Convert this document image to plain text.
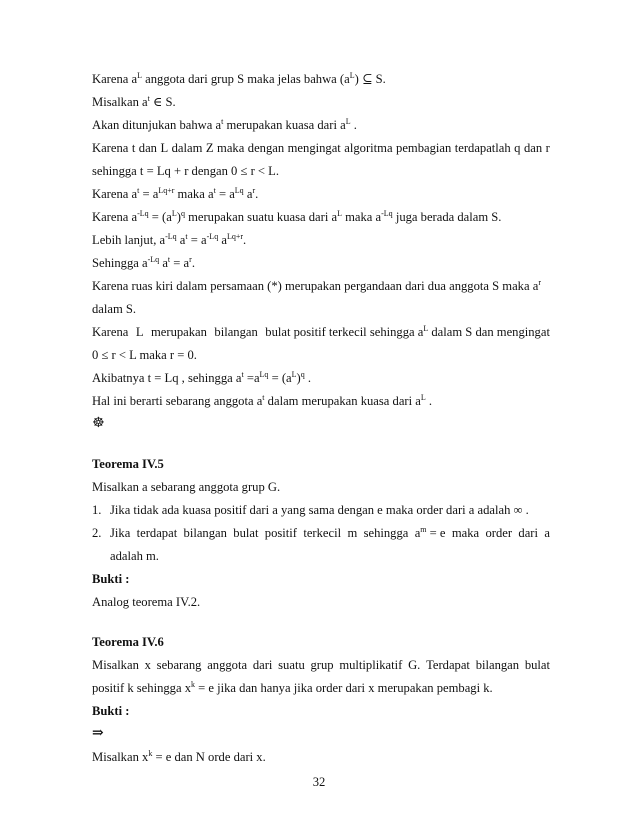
Karena $a^L$ anggota dari grup S maka jelas bahwa $(a^L)$ ⊆ S.
Misalkan $a^t$ ∈ S.
Akan ditunjukan bahwa $a^t$ merupakan kuasa dari $a^L$ .
Karena t dan L dalam Z maka dengan mengingat algoritma pembagian terdapatlah q dan r
sehingga t = Lq + r dengan 0 ≤ r < L.
Karena $a^t = a^{Lq+r}$ maka $a^t = a^{Lq}$ $a^r$.
Karena $a^{-Lq} = (a^L)^q$ merupakan suatu kuasa dari $a^L$ maka $a^{-Lq}$ juga berada dalam S.
Lebih lanjut, $a^{-Lq}$ $a^t = a^{-Lq}$ $a^{Lq+r}$.
Sehingga $a^{-Lq}$ $a^t = a^r$.
Karena ruas kiri dalam persamaan (*) merupakan pergandaan dari dua anggota S maka $a^r$
dalam S.
Karena L merupakan bilangan bulat positif terkecil sehingga $a^L$ dalam S dan mengingat
0 ≤ r < L maka r = 0.
Akibatnya t = Lq , sehingga $a^t =a^{Lq} = (a^L)^q$ .
Hal ini berarti sebarang anggota $a^t$ dalam merupakan kuasa dari $a^L$ .
☸
Teorema IV.5
Misalkan a sebarang anggota grup G.
1. Jika tidak ada kuasa positif dari a yang sama dengan e maka order dari a adalah ∞ .
2. Jika terdapat bilangan bulat positif terkecil m sehingga $a^m = e$ maka order dari a
adalah m.
Bukti :
Analog teorema IV.2.
Teorema IV.6
Misalkan x sebarang anggota dari suatu grup multiplikatif G. Terdapat bilangan bulat
positif k sehingga $x^k = e$ jika dan hanya jika order dari x merupakan pembagi k.
Bukti :
⇒
Misalkan $x^k = e$ dan N orde dari x.
32
